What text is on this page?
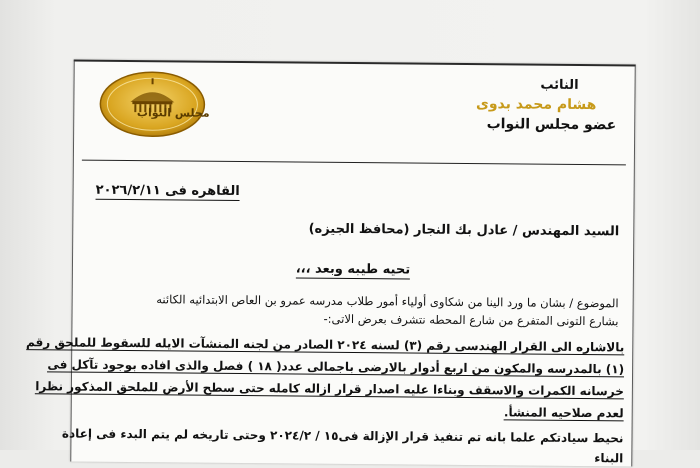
مجلس النواب
النائب
هشام محمد بدوى
عضو مجلس النواب
القاهره فى ٢٠٢٦/٢/١١
السيد المهندس / عادل بك النجار (محافظ الجيزه)
تحيه طيبه وبعد ،،،
الموضوع / بشان ما ورد الينا من شكاوى أولياء أمور طلاب مدرسه عمرو بن العاص الابتدائيه الكائنه
بشارع التونى المتفرع من شارع المحطه نتشرف بعرض الاتى:-
بالاشاره الى القرار الهندسى رقم (٣) لسنه ٢٠٢٤ الصادر من لجنه المنشآت الايله للسقوط للملحق رقم
(١) بالمدرسه والمكون من اربع أدوار بالارضى باجمالى عدد( ١٨ ) فصل والذى افاده بوجود تآكل فى
خرسانه الكمرات والاسقف وبناءا عليه اصدار قرار ازاله كامله حتى سطح الأرض للملحق المذكور نظرا
لعدم صلاحيه المنشأ.
نحيط سيادتكم علما بانه تم تنفيذ قرار الإزالة فى١٥ / ٢٠٢٤/٢ وحتى تاريخه لم يتم البدء فى إعادة
البناء
